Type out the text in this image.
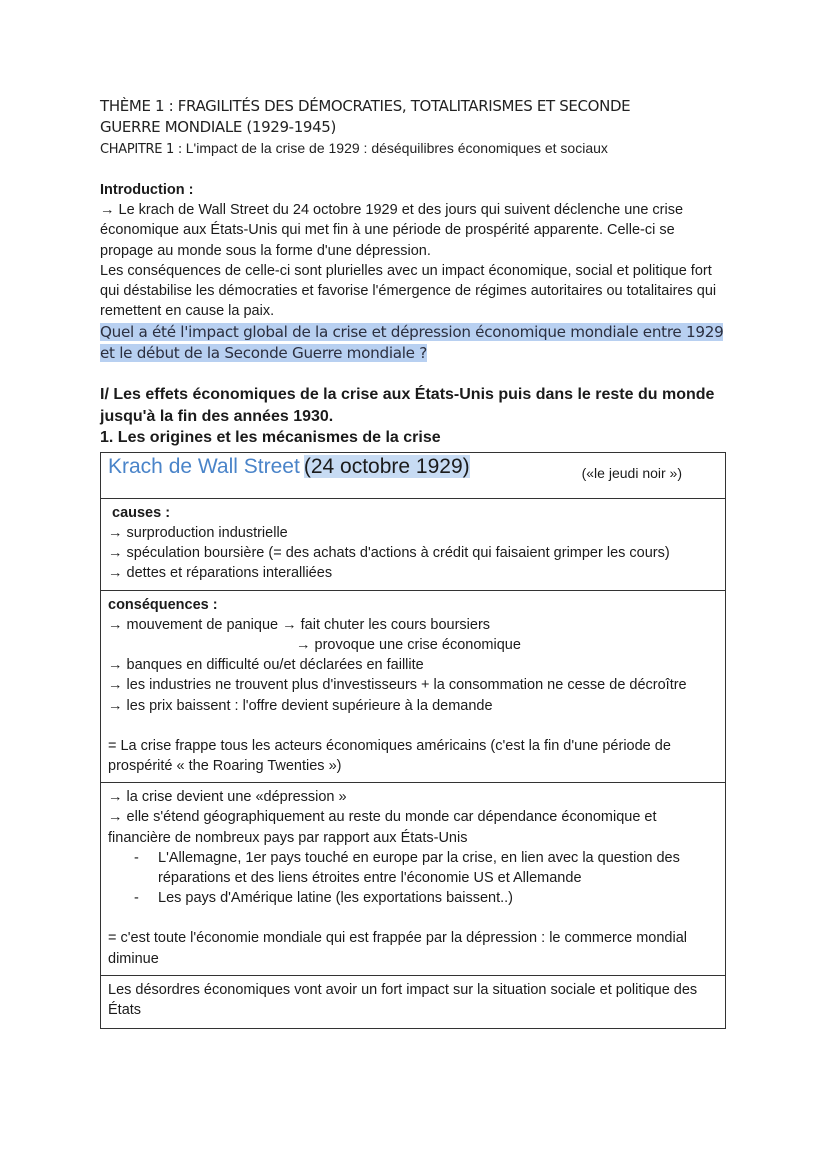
THÈME 1 : FRAGILITÉS DES DÉMOCRATIES, TOTALITARISMES ET SECONDE
GUERRE MONDIALE (1929-1945)
CHAPITRE 1 : L'impact de la crise de 1929 : déséquilibres économiques et sociaux
Introduction :
→ Le krach de Wall Street du 24 octobre 1929 et des jours qui suivent déclenche une crise économique aux États-Unis qui met fin à une période de prospérité apparente. Celle-ci se propage au monde sous la forme d'une dépression.
Les conséquences de celle-ci sont plurielles avec un impact économique, social et politique fort qui déstabilise les démocraties et favorise l'émergence de régimes autoritaires ou totalitaires qui remettent en cause la paix.
Quel a été l'impact global de la crise et dépression économique mondiale entre 1929 et le début de la Seconde Guerre mondiale ?
I/ Les effets économiques de la crise aux États-Unis puis dans le reste du monde jusqu'à la fin des années 1930.
1. Les origines et les mécanismes de la crise
Krach de Wall Street (24 octobre 1929)	(«le jeudi noir »)

causes :
→ surproduction industrielle
→ spéculation boursière (= des achats d'actions à crédit qui faisaient grimper les cours)
→ dettes et réparations interalliées

conséquences :
→ mouvement de panique → fait chuter les cours boursiers
→ provoque une crise économique
→ banques en difficulté ou/et déclarées en faillite
→ les industries ne trouvent plus d'investisseurs + la consommation ne cesse de décroître
→ les prix baissent : l'offre devient supérieure à la demande
= La crise frappe tous les acteurs économiques américains (c'est la fin d'une période de prospérité « the Roaring Twenties »)

→ la crise devient une «dépression »
→ elle s'étend géographiquement au reste du monde car dépendance économique et financière de nombreux pays par rapport aux États-Unis
- L'Allemagne, 1er pays touché en europe par la crise, en lien avec la question des réparations et des liens étroites entre l'économie US et Allemande
- Les pays d'Amérique latine (les exportations baissent..)
= c'est toute l'économie mondiale qui est frappée par la dépression : le commerce mondial diminue

Les désordres économiques vont avoir un fort impact sur la situation sociale et politique des États
